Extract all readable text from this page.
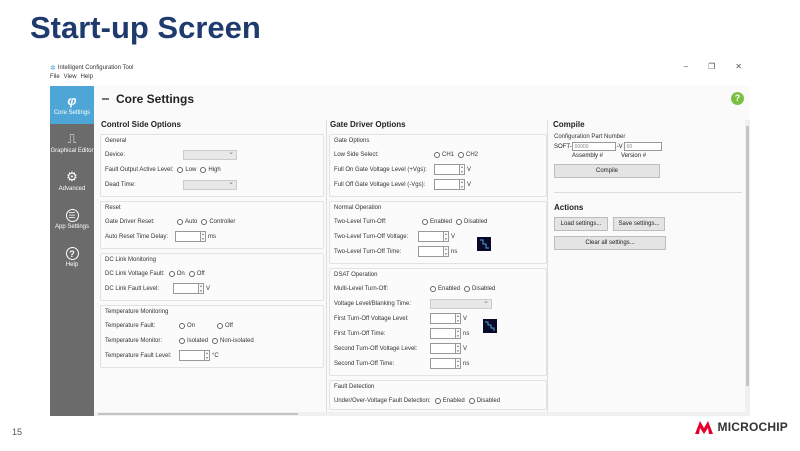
Start-up Screen
✲ Intelligent Configuration Tool	–	❐	✕
File View Help
φ
Core Settings
⎍
Graphical Editor
⚙
Advanced
☰
App Settings
?
Help
Core Settings	?
Control Side Options
General
Device:
⌄
Fault Output Active Level: Low High
Dead Time:
⌄
Reset
Gate Driver Reset:	Auto Controller
Auto Reset Time Delay:	▲
▼ ms
DC Link Monitoring
DC Link Voltage Fault: On Off
DC Link Fault Level:	▲
▼ V
Temperature Monitoring
Temperature Fault:	On	Off
Temperature Monitor:	Isolated Non-isolated
Temperature Fault Level:	▲
▼ °C
Gate Driver Options
Gate Options
Low Side Select:	CH1 CH2
Full On Gate Voltage Level (+Vgs):	▲
▼ V
Full Off Gate Voltage Level (-Vgs):	▲
▼ V
Normal Operation
Two-Level Turn-Off:	Enabled Disabled
Two-Level Turn-Off Voltage:	▲
▼ V
Two-Level Turn-Off Time:	▲
▼ ns
DSAT Operation
Multi-Level Turn-Off:	Enabled Disabled
Voltage Level/Blanking Time:
⌄
First Turn-Off Voltage Level:	▲
▼ V
First Turn-Off Time:	▲
▼ ns
Second Turn-Off Voltage Level:	▲
▼ V
Second Turn-Off Time:	▲
▼ ns
Fault Detection
Under/Over-Voltage Fault Detection: Enabled Disabled
Compile
Configuration Part Number
SOFT- 00000	-V 00
Assembly #	Version #
Compile
Actions
Load settings...	Save settings...
Clear all settings...
15	MICROCHIP
